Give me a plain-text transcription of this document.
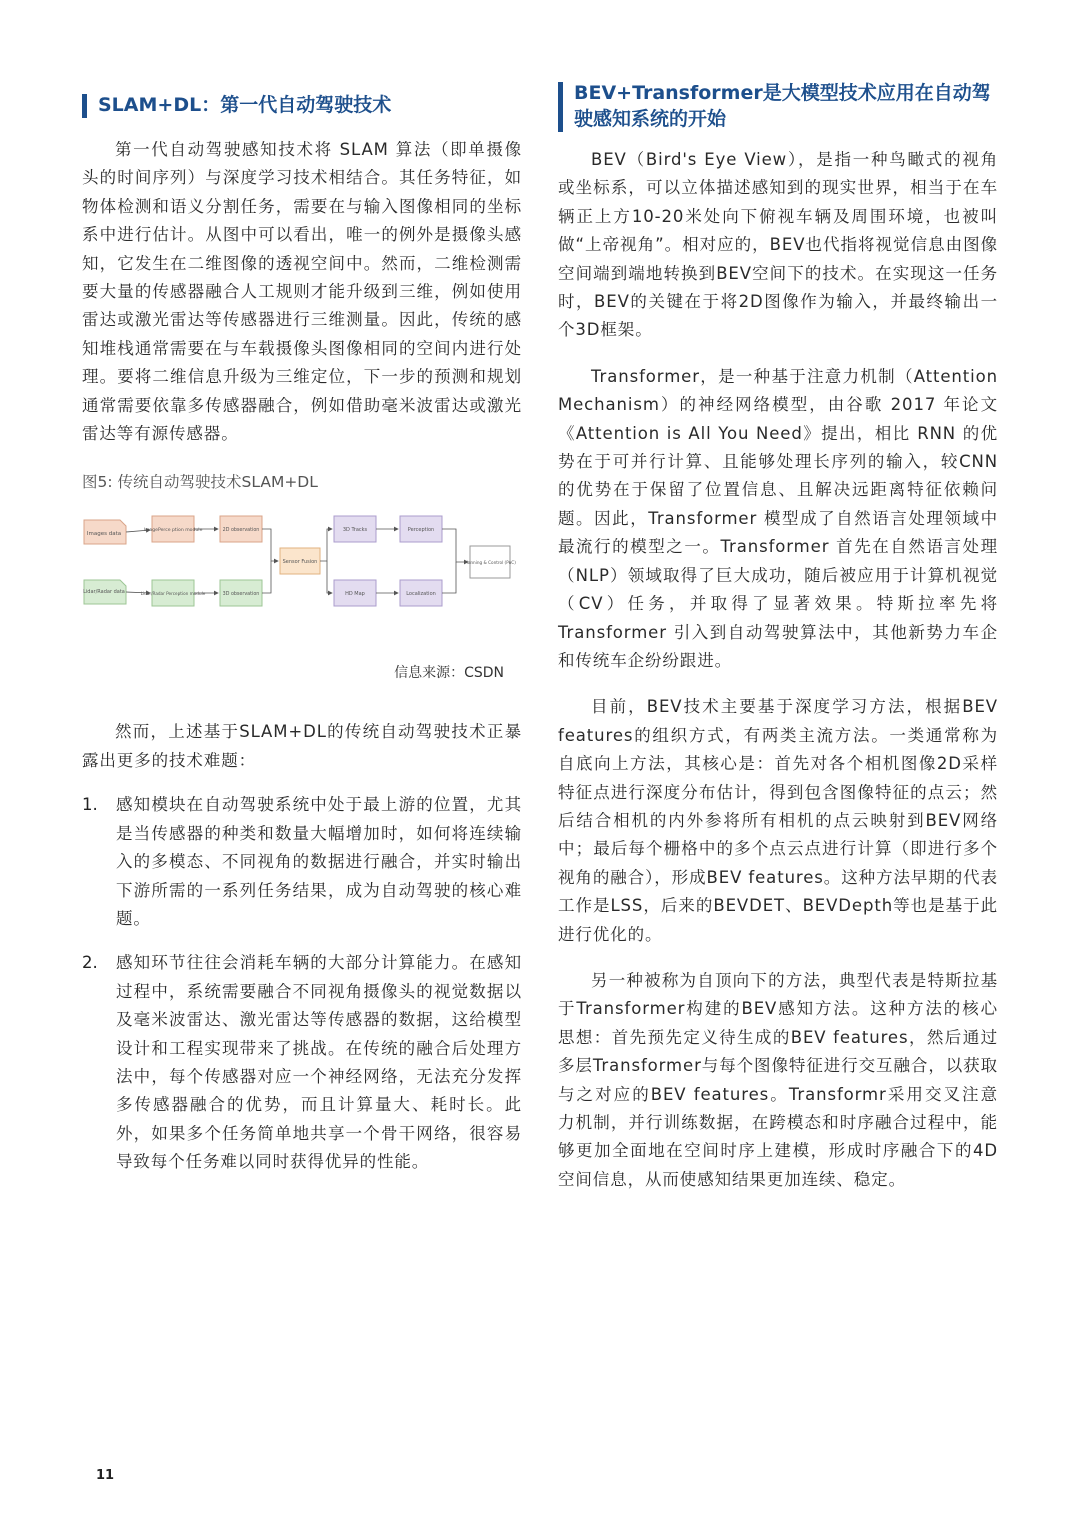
SLAM+DL：第一代自动驾驶技术

第一代自动驾驶感知技术将 SLAM 算法（即单摄像头的时间序列）与深度学习技术相结合。其任务特征，如物体检测和语义分割任务，需要在与输入图像相同的坐标系中进行估计。从图中可以看出，唯一的例外是摄像头感知，它发生在二维图像的透视空间中。然而，二维检测需要大量的传感器融合人工规则才能升级到三维，例如使用雷达或激光雷达等传感器进行三维测量。因此，传统的感知堆栈通常需要在与车载摄像头图像相同的空间内进行处理。要将二维信息升级为三维定位，下一步的预测和规划通常需要依靠多传感器融合，例如借助毫米波雷达或激光雷达等有源传感器。

图5: 传统自动驾驶技术SLAM+DL
Images data
Lidar/Radar data
ImagePerce ption module	2D observation
Lidar/Radar Perception module	3D observation
Sensor Fusion
3D Tracks
HD Map
Perception
Localization
Planning & Control (PnC)
信息来源：CSDN

然而，上述基于SLAM+DL的传统自动驾驶技术正暴露出更多的技术难题：

1. 感知模块在自动驾驶系统中处于最上游的位置，尤其是当传感器的种类和数量大幅增加时，如何将连续输入的多模态、不同视角的数据进行融合，并实时输出下游所需的一系列任务结果，成为自动驾驶的核心难题。

2. 感知环节往往会消耗车辆的大部分计算能力。在感知过程中，系统需要融合不同视角摄像头的视觉数据以及毫米波雷达、激光雷达等传感器的数据，这给模型设计和工程实现带来了挑战。在传统的融合后处理方法中，每个传感器对应一个神经网络，无法充分发挥多传感器融合的优势，而且计算量大、耗时长。此外，如果多个任务简单地共享一个骨干网络，很容易导致每个任务难以同时获得优异的性能。

BEV+Transformer是大模型技术应用在自动驾驶感知系统的开始

BEV（Bird's Eye View），是指一种鸟瞰式的视角或坐标系，可以立体描述感知到的现实世界，相当于在车辆正上方10-20米处向下俯视车辆及周围环境，也被叫做“上帝视角”。相对应的，BEV也代指将视觉信息由图像空间端到端地转换到BEV空间下的技术。在实现这一任务时，BEV的关键在于将2D图像作为输入，并最终输出一个3D框架。

Transformer，是一种基于注意力机制（Attention Mechanism）的神经网络模型，由谷歌 2017 年论文《Attention is All You Need》提出，相比 RNN 的优势在于可并行计算、且能够处理长序列的输入，较CNN 的优势在于保留了位置信息、且解决远距离特征依赖问题。因此，Transformer 模型成了自然语言处理领域中最流行的模型之一。Transformer 首先在自然语言处理（NLP）领域取得了巨大成功，随后被应用于计算机视觉（CV）任务，并取得了显著效果。特斯拉率先将Transformer 引入到自动驾驶算法中，其他新势力车企和传统车企纷纷跟进。

目前，BEV技术主要基于深度学习方法，根据BEV features的组织方式，有两类主流方法。一类通常称为自底向上方法，其核心是：首先对各个相机图像2D采样特征点进行深度分布估计，得到包含图像特征的点云；然后结合相机的内外参将所有相机的点云映射到BEV网络中；最后每个栅格中的多个点云点进行计算（即进行多个视角的融合），形成BEV features。这种方法早期的代表工作是LSS，后来的BEVDET、BEVDepth等也是基于此进行优化的。

另一种被称为自顶向下的方法，典型代表是特斯拉基于Transformer构建的BEV感知方法。这种方法的核心思想：首先预先定义待生成的BEV features，然后通过多层Transformer与每个图像特征进行交互融合，以获取与之对应的BEV features。Transformr采用交叉注意力机制，并行训练数据，在跨模态和时序融合过程中，能够更加全面地在空间时序上建模，形成时序融合下的4D空间信息，从而使感知结果更加连续、稳定。

11
